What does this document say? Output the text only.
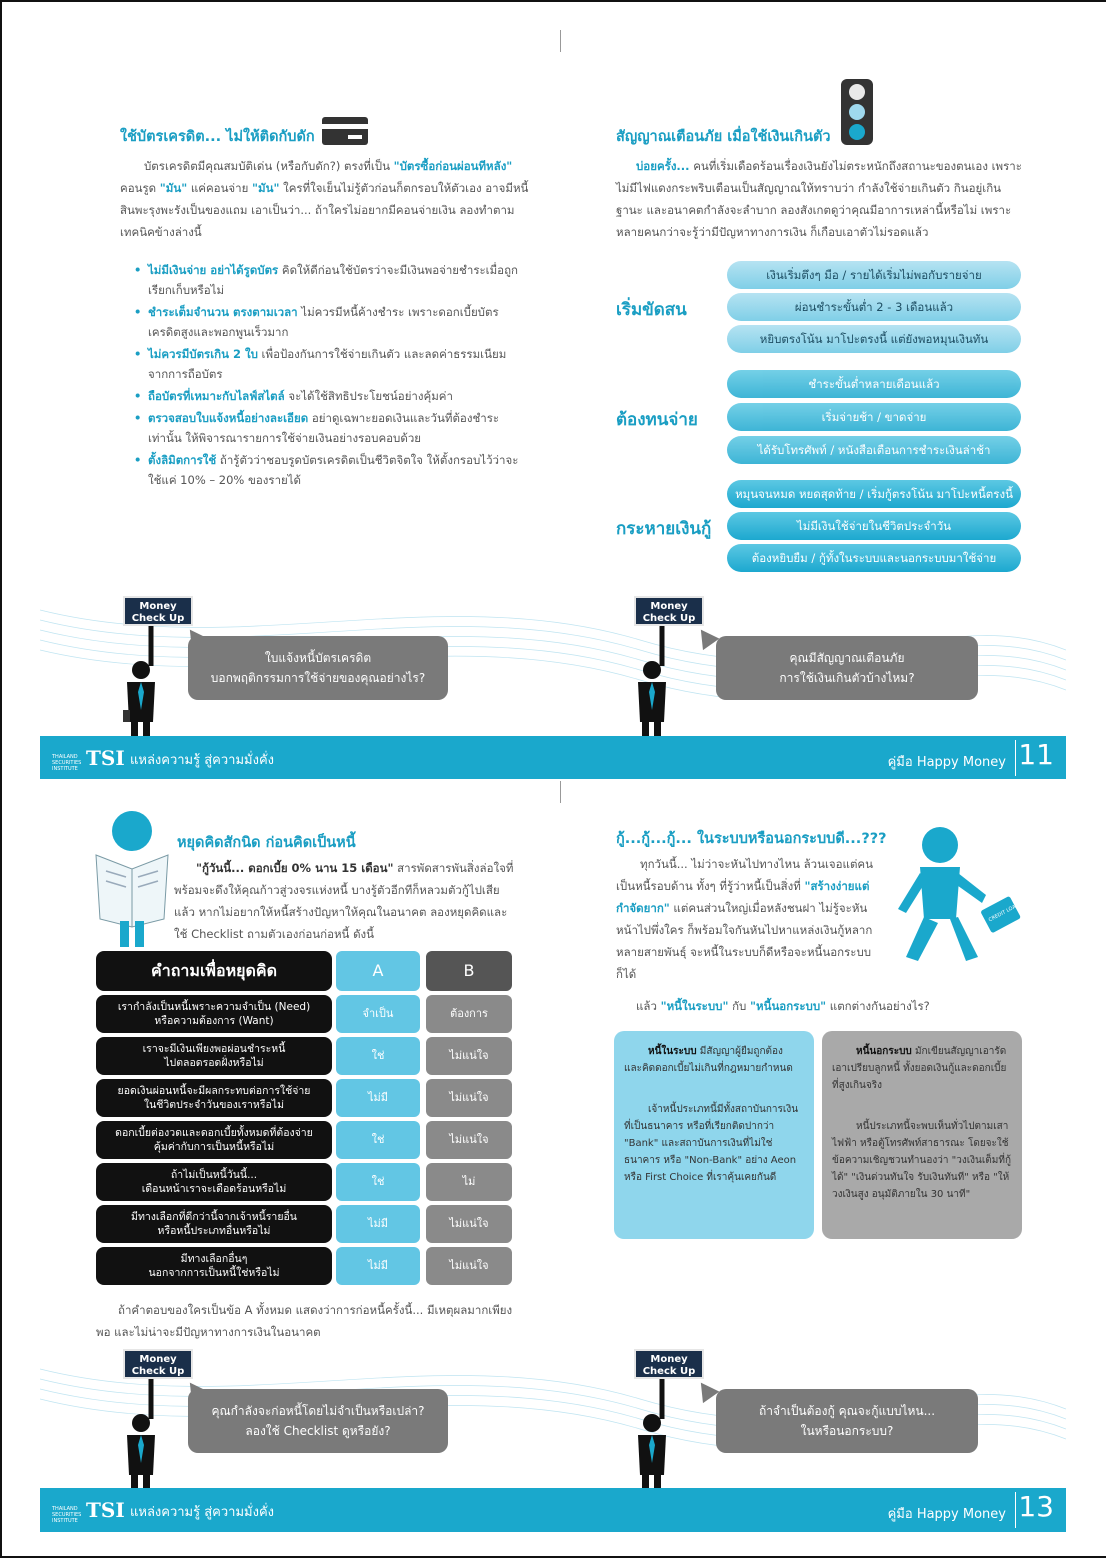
ใช้บัตรเครดิต... ไม่ให้ติดกับดัก
บัตรเครดิตมีคุณสมบัติเด่น (หรือกับดัก?) ตรงที่เป็น "บัตรซื้อก่อนผ่อนทีหลัง" คอนรูด "มัน" แค่คอนจ่าย "มัน" ใครที่ใจเย็นไม่รู้ตัวก่อนก็ตกรอบให้ตัวเอง อาจมีหนี้สินพะรุงพะรังเป็นของแถม เอาเป็นว่า... ถ้าใครไม่อยากมีคอนจ่ายเงิน ลองทำตามเทคนิคข้างล่างนี้
• ไม่มีเงินจ่าย อย่าได้รูดบัตร คิดให้ดีก่อนใช้บัตรว่าจะมีเงินพอจ่ายชำระเมื่อถูกเรียกเก็บหรือไม่
• ชำระเต็มจำนวน ตรงตามเวลา ไม่ควรมีหนี้ค้างชำระ เพราะดอกเบี้ยบัตรเครดิตสูงและพอกพูนเร็วมาก
• ไม่ควรมีบัตรเกิน 2 ใบ เพื่อป้องกันการใช้จ่ายเกินตัว และลดค่าธรรมเนียมจากการถือบัตร
• ถือบัตรที่เหมาะกับไลฟ์สไตล์ จะได้ใช้สิทธิประโยชน์อย่างคุ้มค่า
• ตรวจสอบใบแจ้งหนี้อย่างละเอียด อย่าดูเฉพาะยอดเงินและวันที่ต้องชำระเท่านั้น ให้พิจารณารายการใช้จ่ายเงินอย่างรอบคอบด้วย
• ตั้งลิมิตการใช้ ถ้ารู้ตัวว่าชอบรูดบัตรเครดิตเป็นชีวิตจิตใจ ให้ตั้งกรอบไว้ว่าจะใช้แค่ 10% – 20% ของรายได้
สัญญาณเตือนภัย เมื่อใช้เงินเกินตัว
บ่อยครั้ง... คนที่เริ่มเดือดร้อนเรื่องเงินยังไม่ตระหนักถึงสถานะของตนเอง เพราะไม่มีไฟแดงกระพริบเตือนเป็นสัญญาณให้ทราบว่า กำลังใช้จ่ายเกินตัว กินอยู่เกินฐานะ และอนาคตกำลังจะลำบาก ลองสังเกตดูว่าคุณมีอาการเหล่านี้หรือไม่ เพราะหลายคนกว่าจะรู้ว่ามีปัญหาทางการเงิน ก็เกือบเอาตัวไม่รอดแล้ว
เริ่มขัดสน
เงินเริ่มตึงๆ มือ / รายได้เริ่มไม่พอกับรายจ่าย
ผ่อนชำระขั้นต่ำ 2 - 3 เดือนแล้ว
หยิบตรงโน้น มาโปะตรงนี้ แต่ยังพอหมุนเงินทัน
ต้องทนจ่าย
ชำระขั้นต่ำหลายเดือนแล้ว
เริ่มจ่ายช้า / ขาดจ่าย
ได้รับโทรศัพท์ / หนังสือเตือนการชำระเงินล่าช้า
กระหายเงินกู้
หมุนจนหมด หยดสุดท้าย / เริ่มกู้ตรงโน้น มาโปะหนี้ตรงนี้
ไม่มีเงินใช้จ่ายในชีวิตประจำวัน
ต้องหยิบยืม / กู้ทั้งในระบบและนอกระบบมาใช้จ่าย
Money Check Up
ใบแจ้งหนี้บัตรเครดิต
บอกพฤติกรรมการใช้จ่ายของคุณอย่างไร?
Money Check Up
คุณมีสัญญาณเตือนภัย
การใช้เงินเกินตัวบ้างไหม?
THAILAND SECURITIES INSTITUTE TSI แหล่งความรู้ สู่ความมั่งคั่ง	คู่มือ Happy Money 11
หยุดคิดสักนิด ก่อนคิดเป็นหนี้
"กู้วันนี้... ดอกเบี้ย 0% นาน 15 เดือน" สารพัดสารพันสิ่งล่อใจที่พร้อมจะดึงให้คุณก้าวสู่วงจรแห่งหนี้ บางรู้ตัวอีกทีก็หลวมตัวกู้ไปเสียแล้ว หากไม่อยากให้หนี้สร้างปัญหาให้คุณในอนาคต ลองหยุดคิดและใช้ Checklist ถามตัวเองก่อนก่อหนี้ ดังนี้
คำถามเพื่อหยุดคิด	A	B
เรากำลังเป็นหนี้เพราะความจำเป็น (Need)
หรือความต้องการ (Want)
จำเป็น	ต้องการ
เราจะมีเงินเพียงพอผ่อนชำระหนี้
ไปตลอดรอดฝั่งหรือไม่
ใช่	ไม่แน่ใจ
ยอดเงินผ่อนหนี้จะมีผลกระทบต่อการใช้จ่าย
ในชีวิตประจำวันของเราหรือไม่
ไม่มี	ไม่แน่ใจ
ดอกเบี้ยต่องวดและดอกเบี้ยทั้งหมดที่ต้องจ่าย
คุ้มค่ากับการเป็นหนี้หรือไม่
ใช่	ไม่แน่ใจ
ถ้าไม่เป็นหนี้วันนี้...
เดือนหน้าเราจะเดือดร้อนหรือไม่
ใช่	ไม่
มีทางเลือกที่ดีกว่านี้จากเจ้าหนี้รายอื่น
หรือหนี้ประเภทอื่นหรือไม่
ไม่มี	ไม่แน่ใจ
มีทางเลือกอื่นๆ
นอกจากการเป็นหนี้ใช่หรือไม่
ไม่มี	ไม่แน่ใจ
ถ้าคำตอบของใครเป็นข้อ A ทั้งหมด แสดงว่าการก่อหนี้ครั้งนี้... มีเหตุผลมากเพียงพอ และไม่น่าจะมีปัญหาทางการเงินในอนาคต
กู้...กู้...กู้... ในระบบหรือนอกระบบดี...???
CREDIT LOAN
ทุกวันนี้... ไม่ว่าจะหันไปทางไหน ล้วนเจอแต่คนเป็นหนี้รอบด้าน ทั้งๆ ที่รู้ว่าหนี้เป็นสิ่งที่ "สร้างง่ายแต่กำจัดยาก" แต่คนส่วนใหญ่เมื่อหลังชนฝา ไม่รู้จะหันหน้าไปพึ่งใคร ก็พร้อมใจกันหันไปหาแหล่งเงินกู้หลากหลายสายพันธุ์ จะหนี้ในระบบก็ดีหรือจะหนี้นอกระบบก็ได้
แล้ว "หนี้ในระบบ" กับ "หนี้นอกระบบ" แตกต่างกันอย่างไร?
หนี้ในระบบ มีสัญญาผู้ยืมถูกต้อง และคิดดอกเบี้ยไม่เกินที่กฎหมายกำหนด
เจ้าหนี้ประเภทนี้มีทั้งสถาบันการเงินที่เป็นธนาคาร หรือที่เรียกติดปากว่า "Bank" และสถาบันการเงินที่ไม่ใช่ธนาคาร หรือ "Non-Bank" อย่าง Aeon หรือ First Choice ที่เราคุ้นเคยกันดี
หนี้นอกระบบ มักเขียนสัญญาเอารัดเอาเปรียบลูกหนี้ ทั้งยอดเงินกู้และดอกเบี้ยที่สูงเกินจริง
หนี้ประเภทนี้จะพบเห็นทั่วไปตามเสาไฟฟ้า หรือตู้โทรศัพท์สาธารณะ โดยจะใช้ข้อความเชิญชวนทำนองว่า "วงเงินเต็มที่กู้ได้" "เงินด่วนทันใจ รับเงินทันที" หรือ "ให้วงเงินสูง อนุมัติภายใน 30 นาที"
Money Check Up
คุณกำลังจะก่อหนี้โดยไม่จำเป็นหรือเปล่า?
ลองใช้ Checklist ดูหรือยัง?
Money Check Up
ถ้าจำเป็นต้องกู้ คุณจะกู้แบบไหน...
ในหรือนอกระบบ?
THAILAND SECURITIES INSTITUTE TSI แหล่งความรู้ สู่ความมั่งคั่ง	คู่มือ Happy Money 13
